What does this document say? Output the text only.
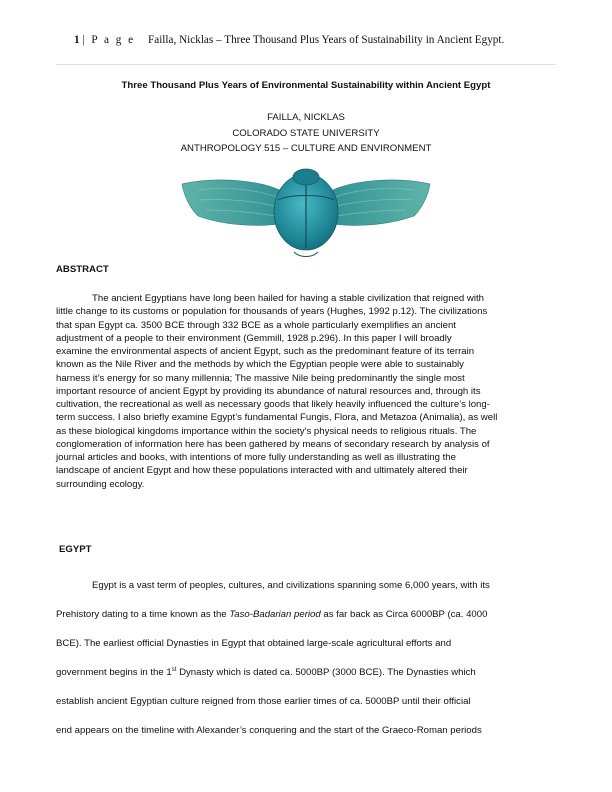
1 | P a g e Failla, Nicklas – Three Thousand Plus Years of Sustainability in Ancient Egypt.
Three Thousand Plus Years of Environmental Sustainability within Ancient Egypt
FAILLA, NICKLAS
COLORADO STATE UNIVERSITY
ANTHROPOLOGY 515 – CULTURE AND ENVIRONMENT
ABSTRACT

The ancient Egyptians have long been hailed for having a stable civilization that reigned with
little change to its customs or population for thousands of years (Hughes, 1992 p.12). The civilizations
that span Egypt ca. 3500 BCE through 332 BCE as a whole particularly exemplifies an ancient
adjustment of a people to their environment (Gemmill, 1928 p.296). In this paper I will broadly
examine the environmental aspects of ancient Egypt, such as the predominant feature of its terrain
known as the Nile River and the methods by which the Egyptian people were able to sustainably
harness it’s energy for so many millennia; The massive Nile being predominantly the single most
important resource of ancient Egypt by providing its abundance of natural resources and, through its
cultivation, the recreational as well as necessary goods that likely heavily influenced the culture’s long-
term success. I also briefly examine Egypt’s fundamental Fungis, Flora, and Metazoa (Animalia), as well
as these biological kingdoms importance within the society’s physical needs to religious rituals. The
conglomeration of information here has been gathered by means of secondary research by analysis of
journal articles and books, with intentions of more fully understanding as well as illustrating the
landscape of ancient Egypt and how these populations interacted with and ultimately altered their
surrounding ecology.

EGYPT

Egypt is a vast term of peoples, cultures, and civilizations spanning some 6,000 years, with its
Prehistory dating to a time known as the Taso-Badarian period as far back as Circa 6000BP (ca. 4000
BCE). The earliest official Dynasties in Egypt that obtained large-scale agricultural efforts and
government begins in the 1st Dynasty which is dated ca. 5000BP (3000 BCE). The Dynasties which
establish ancient Egyptian culture reigned from those earlier times of ca. 5000BP until their official
end appears on the timeline with Alexander’s conquering and the start of the Graeco-Roman periods
